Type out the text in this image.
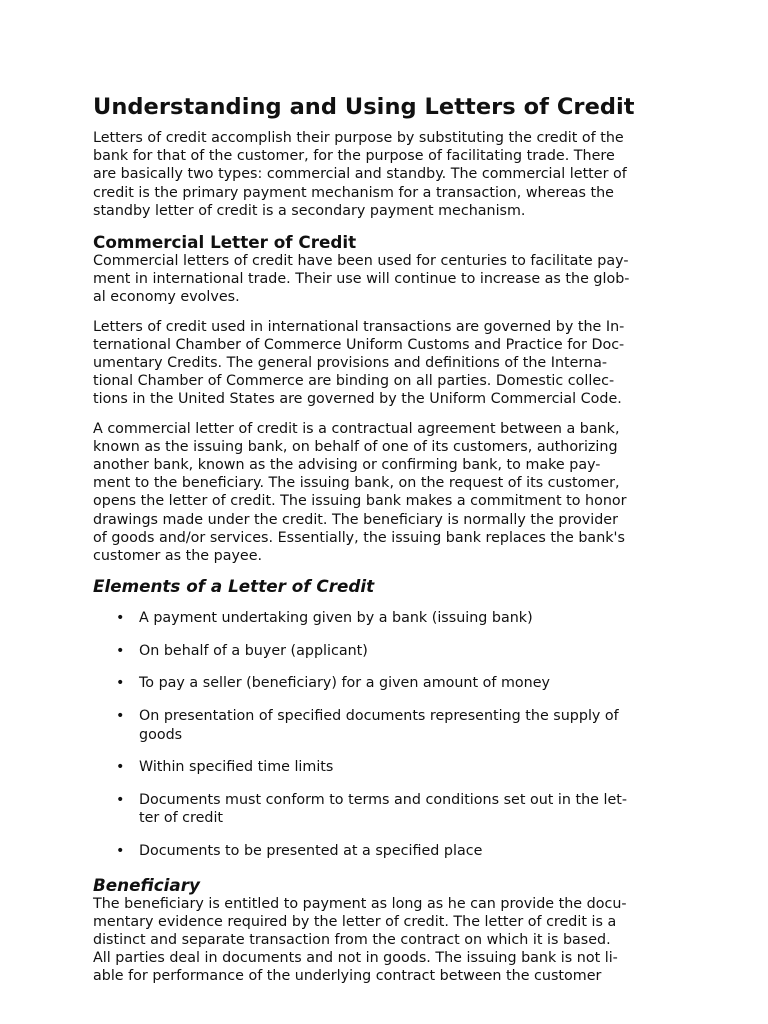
Understanding and Using Letters of Credit

Letters of credit accomplish their purpose by substituting the credit of the
bank for that of the customer, for the purpose of facilitating trade. There
are basically two types: commercial and standby. The commercial letter of
credit is the primary payment mechanism for a transaction, whereas the
standby letter of credit is a secondary payment mechanism.

Commercial Letter of Credit

Commercial letters of credit have been used for centuries to facilitate pay-
ment in international trade. Their use will continue to increase as the glob-
al economy evolves.

Letters of credit used in international transactions are governed by the In-
ternational Chamber of Commerce Uniform Customs and Practice for Doc-
umentary Credits. The general provisions and definitions of the Interna-
tional Chamber of Commerce are binding on all parties. Domestic collec-
tions in the United States are governed by the Uniform Commercial Code.

A commercial letter of credit is a contractual agreement between a bank,
known as the issuing bank, on behalf of one of its customers, authorizing
another bank, known as the advising or confirming bank, to make pay-
ment to the beneficiary. The issuing bank, on the request of its customer,
opens the letter of credit. The issuing bank makes a commitment to honor
drawings made under the credit. The beneficiary is normally the provider
of goods and/or services. Essentially, the issuing bank replaces the bank's
customer as the payee.

Elements of a Letter of Credit
• A payment undertaking given by a bank (issuing bank)
• On behalf of a buyer (applicant)
• To pay a seller (beneficiary) for a given amount of money
• On presentation of specified documents representing the supply of
goods
• Within specified time limits
• Documents must conform to terms and conditions set out in the let-
ter of credit
• Documents to be presented at a specified place
Beneficiary

The beneficiary is entitled to payment as long as he can provide the docu-
mentary evidence required by the letter of credit. The letter of credit is a
distinct and separate transaction from the contract on which it is based.
All parties deal in documents and not in goods. The issuing bank is not li-
able for performance of the underlying contract between the customer
